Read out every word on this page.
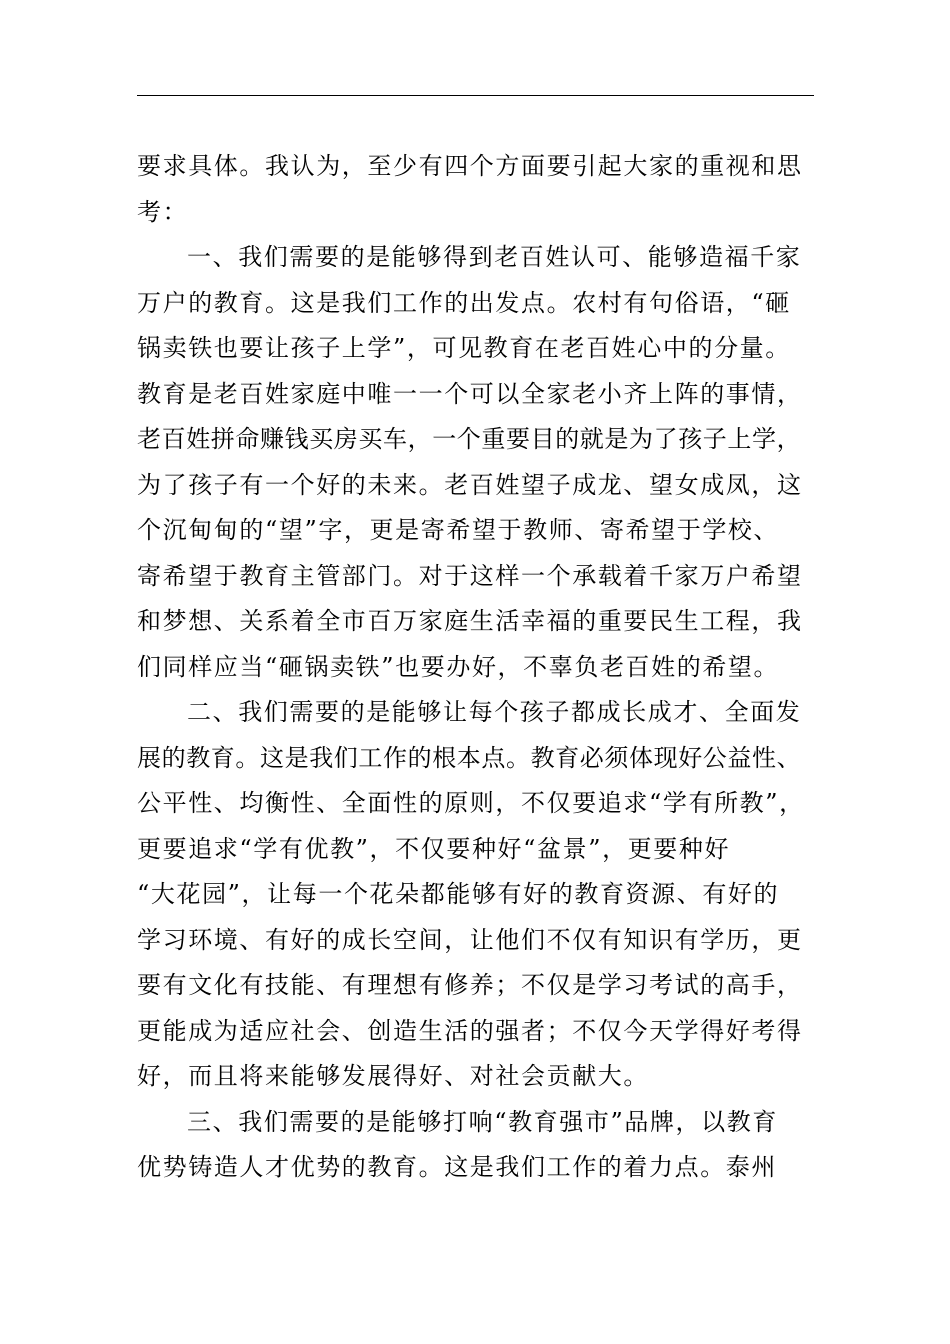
要求具体。我认为，至少有四个方面要引起大家的重视和思
考：
一、我们需要的是能够得到老百姓认可、能够造福千家
万户的教育。这是我们工作的出发点。农村有句俗语，“砸
锅卖铁也要让孩子上学”，可见教育在老百姓心中的分量。
教育是老百姓家庭中唯一一个可以全家老小齐上阵的事情，
老百姓拼命赚钱买房买车，一个重要目的就是为了孩子上学，
为了孩子有一个好的未来。老百姓望子成龙、望女成凤，这
个沉甸甸的“望”字，更是寄希望于教师、寄希望于学校、
寄希望于教育主管部门。对于这样一个承载着千家万户希望
和梦想、关系着全市百万家庭生活幸福的重要民生工程，我
们同样应当“砸锅卖铁”也要办好，不辜负老百姓的希望。
二、我们需要的是能够让每个孩子都成长成才、全面发
展的教育。这是我们工作的根本点。教育必须体现好公益性、
公平性、均衡性、全面性的原则，不仅要追求“学有所教”，
更要追求“学有优教”，不仅要种好“盆景”，更要种好
“大花园”，让每一个花朵都能够有好的教育资源、有好的
学习环境、有好的成长空间，让他们不仅有知识有学历，更
要有文化有技能、有理想有修养；不仅是学习考试的高手，
更能成为适应社会、创造生活的强者；不仅今天学得好考得
好，而且将来能够发展得好、对社会贡献大。
三、我们需要的是能够打响“教育强市”品牌，以教育
优势铸造人才优势的教育。这是我们工作的着力点。泰州
